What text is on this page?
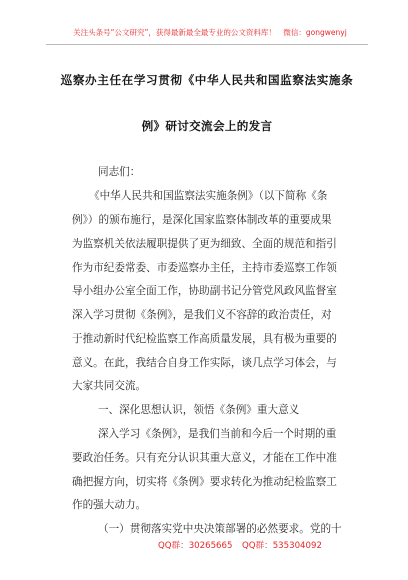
关注头条号“公文研究”，获得最新最全最专业的公文资料库！　微信：gongwenyj
巡察办主任在学习贯彻《中华人民共和国监察法实施条
例》研讨交流会上的发言
同志们：
《中华人民共和国监察法实施条例》（以下简称《条
例》）的颁布施行，是深化国家监察体制改革的重要成果
为监察机关依法履职提供了更为细致、全面的规范和指引
作为市纪委常委、市委巡察办主任，主持市委巡察工作领
导小组办公室全面工作，协助副书记分管党风政风监督室
深入学习贯彻《条例》，是我们义不容辞的政治责任，对
于推动新时代纪检监察工作高质量发展，具有极为重要的
意义。在此，我结合自身工作实际，谈几点学习体会，与
大家共同交流。
一、深化思想认识，领悟《条例》重大意义
深入学习《条例》，是我们当前和今后一个时期的重
要政治任务。只有充分认识其重大意义，才能在工作中准
确把握方向，切实将《条例》要求转化为推动纪检监察工
作的强大动力。
（一）贯彻落实党中央决策部署的必然要求。党的十
QQ群：30265665 QQ群：535304092
